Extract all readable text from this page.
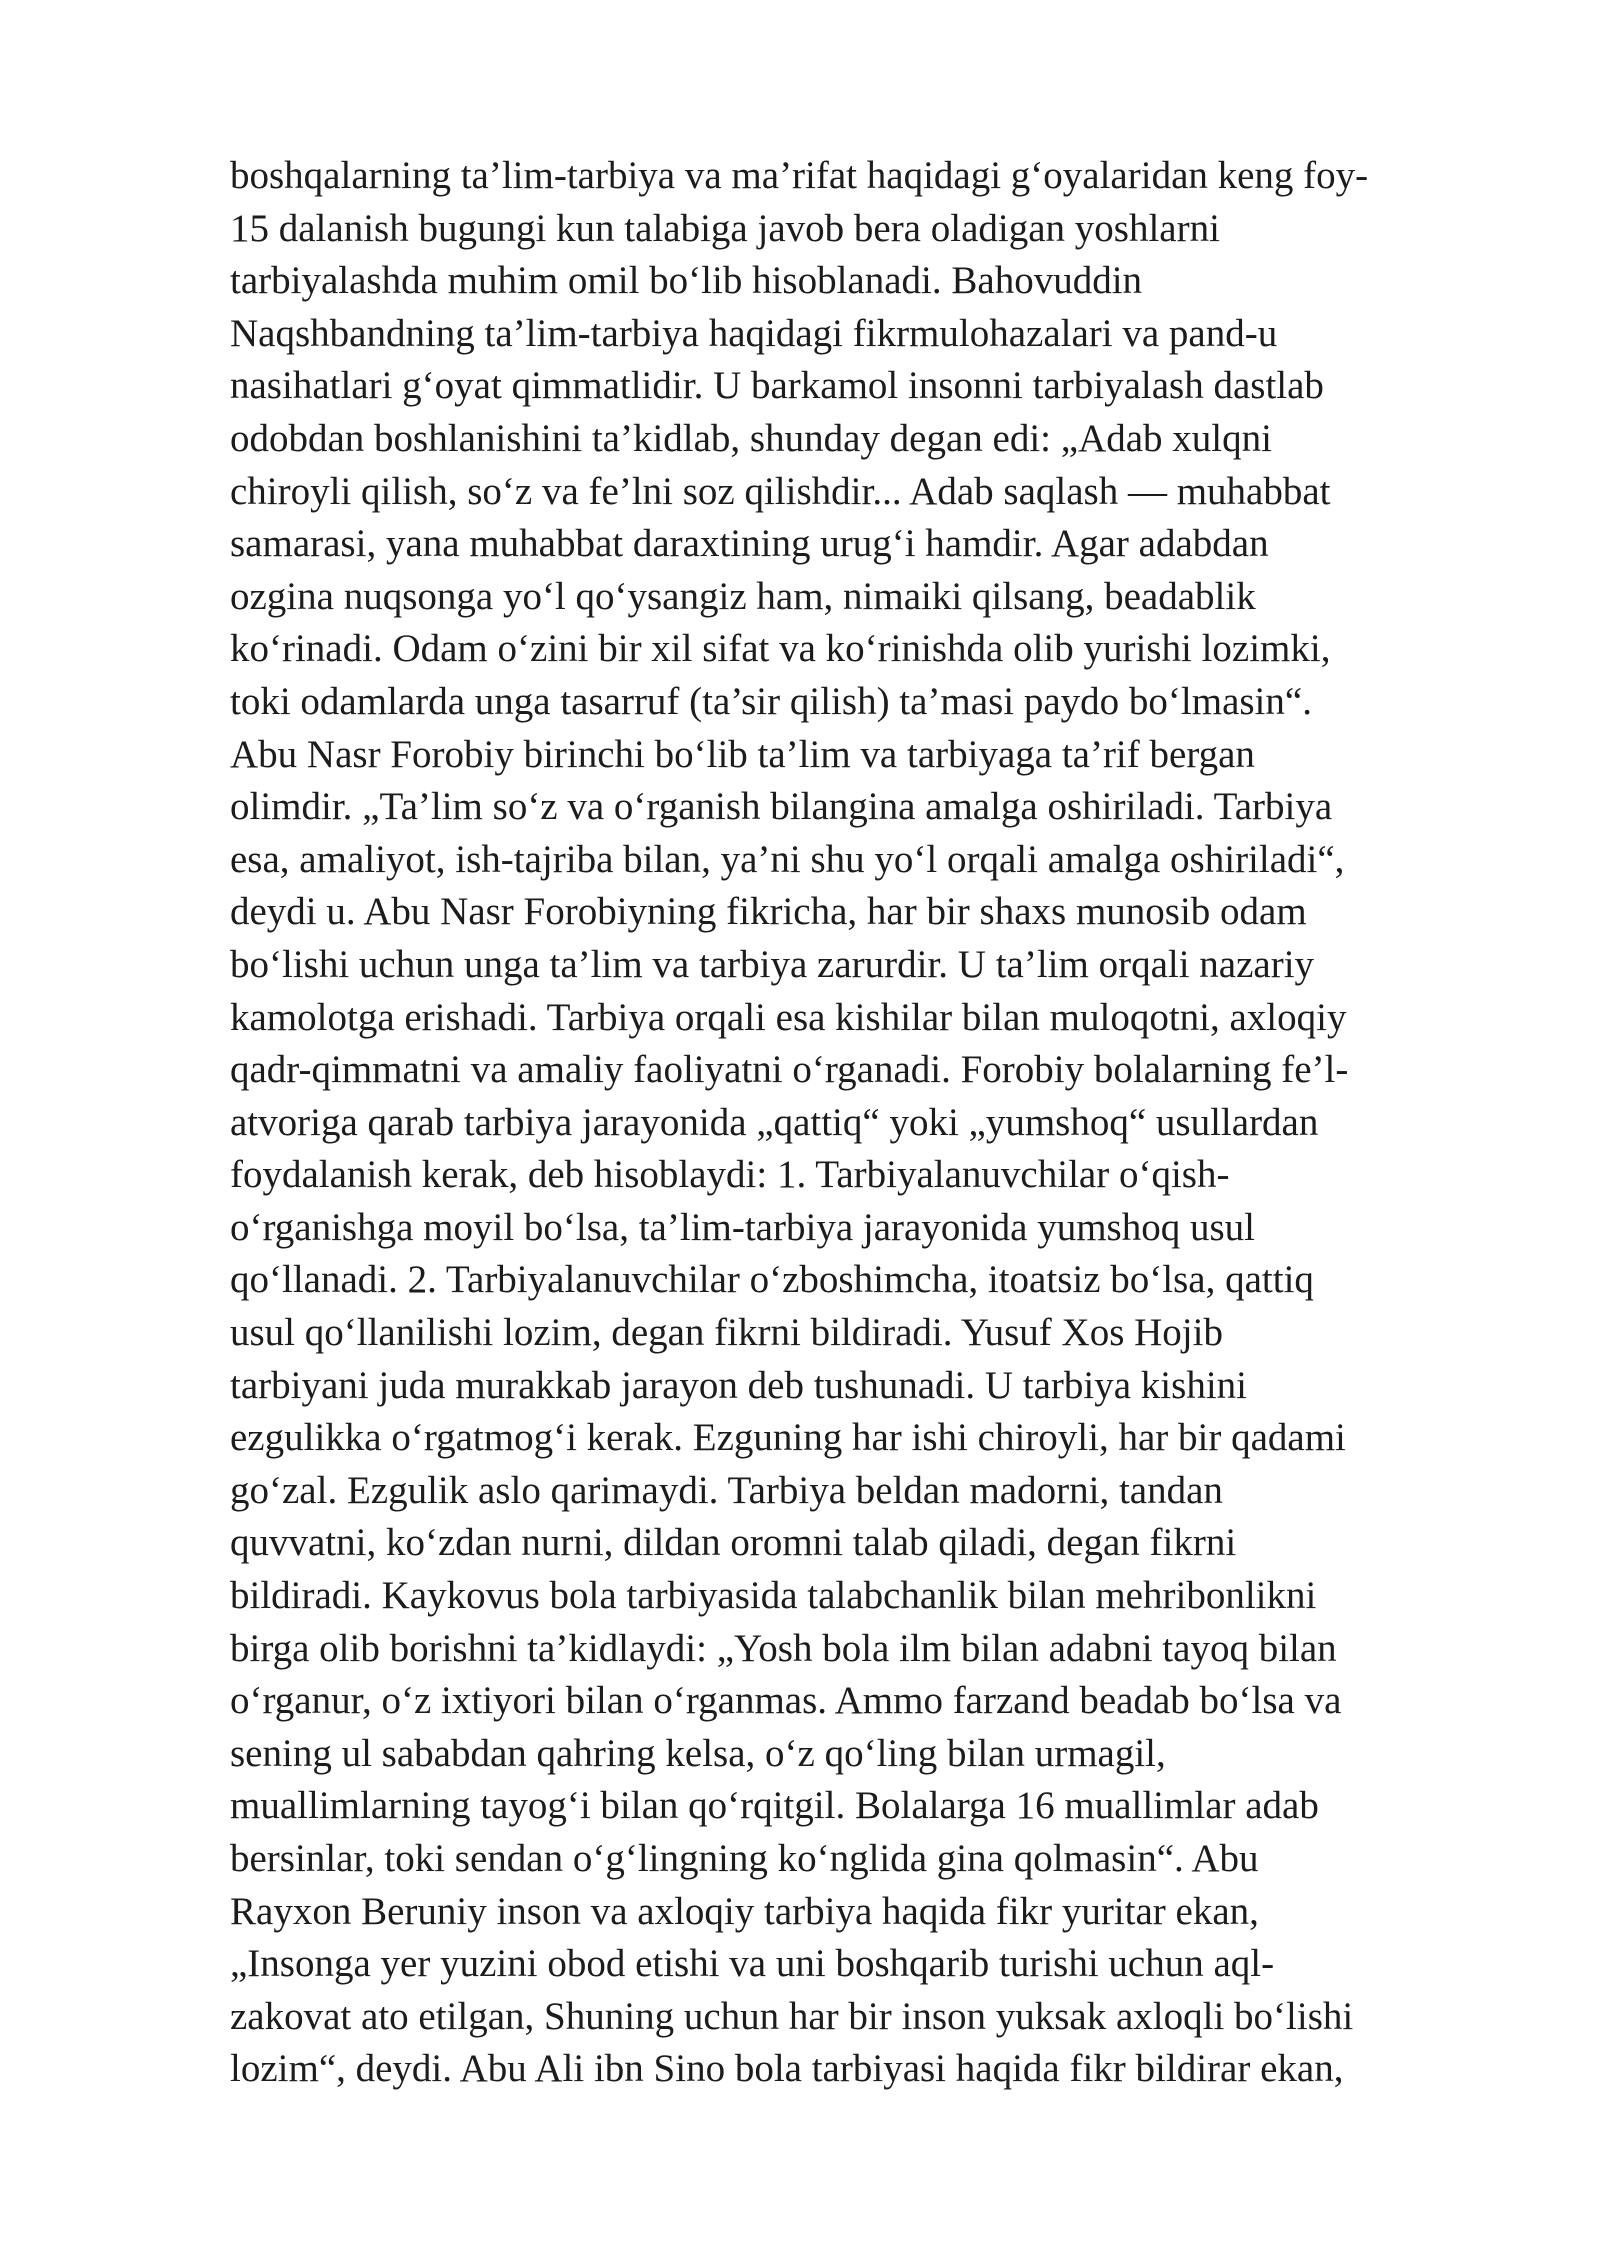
boshqalarning ta’lim-tarbiya va ma’rifat haqidagi g‘oyalaridan keng foy-
15 dalanish bugungi kun talabiga javob bera oladigan yoshlarni
tarbiyalashda muhim omil bo‘lib hisoblanadi. Bahovuddin
Naqshbandning ta’lim-tarbiya haqidagi fikrmulohazalari va pand-u
nasihatlari g‘oyat qimmatlidir. U barkamol insonni tarbiyalash dastlab
odobdan boshlanishini ta’kidlab, shunday degan edi: „Adab xulqni
chiroyli qilish, so‘z va fe’lni soz qilishdir... Adab saqlash — muhabbat
samarasi, yana muhabbat daraxtining urug‘i hamdir. Agar adabdan
ozgina nuqsonga yo‘l qo‘ysangiz ham, nimaiki qilsang, beadablik
ko‘rinadi. Odam o‘zini bir xil sifat va ko‘rinishda olib yurishi lozimki,
toki odamlarda unga tasarruf (ta’sir qilish) ta’masi paydo bo‘lmasin“.
Abu Nasr Forobiy birinchi bo‘lib ta’lim va tarbiyaga ta’rif bergan
olimdir. „Ta’lim so‘z va o‘rganish bilangina amalga oshiriladi. Tarbiya
esa, amaliyot, ish-tajriba bilan, ya’ni shu yo‘l orqali amalga oshiriladi“,
deydi u. Abu Nasr Forobiyning fikricha, har bir shaxs munosib odam
bo‘lishi uchun unga ta’lim va tarbiya zarurdir. U ta’lim orqali nazariy
kamolotga erishadi. Tarbiya orqali esa kishilar bilan muloqotni, axloqiy
qadr-qimmatni va amaliy faoliyatni o‘rganadi. Forobiy bolalarning fe’l-
atvoriga qarab tarbiya jarayonida „qattiq“ yoki „yumshoq“ usullardan
foydalanish kerak, deb hisoblaydi: 1. Tarbiyalanuvchilar o‘qish-
o‘rganishga moyil bo‘lsa, ta’lim-tarbiya jarayonida yumshoq usul
qo‘llanadi. 2. Tarbiyalanuvchilar o‘zboshimcha, itoatsiz bo‘lsa, qattiq
usul qo‘llanilishi lozim, degan fikrni bildiradi. Yusuf Xos Hojib
tarbiyani juda murakkab jarayon deb tushunadi. U tarbiya kishini
ezgulikka o‘rgatmog‘i kerak. Ezguning har ishi chiroyli, har bir qadami
go‘zal. Ezgulik aslo qarimaydi. Tarbiya beldan madorni, tandan
quvvatni, ko‘zdan nurni, dildan oromni talab qiladi, degan fikrni
bildiradi. Kaykovus bola tarbiyasida talabchanlik bilan mehribonlikni
birga olib borishni ta’kidlaydi: „Yosh bola ilm bilan adabni tayoq bilan
o‘rganur, o‘z ixtiyori bilan o‘rganmas. Ammo farzand beadab bo‘lsa va
sening ul sababdan qahring kelsa, o‘z qo‘ling bilan urmagil,
muallimlarning tayog‘i bilan qo‘rqitgil. Bolalarga 16 muallimlar adab
bersinlar, toki sendan o‘g‘lingning ko‘nglida gina qolmasin“. Abu
Rayxon Beruniy inson va axloqiy tarbiya haqida fikr yuritar ekan,
„Insonga yer yuzini obod etishi va uni boshqarib turishi uchun aql-
zakovat ato etilgan, Shuning uchun har bir inson yuksak axloqli bo‘lishi
lozim“, deydi. Abu Ali ibn Sino bola tarbiyasi haqida fikr bildirar ekan,
